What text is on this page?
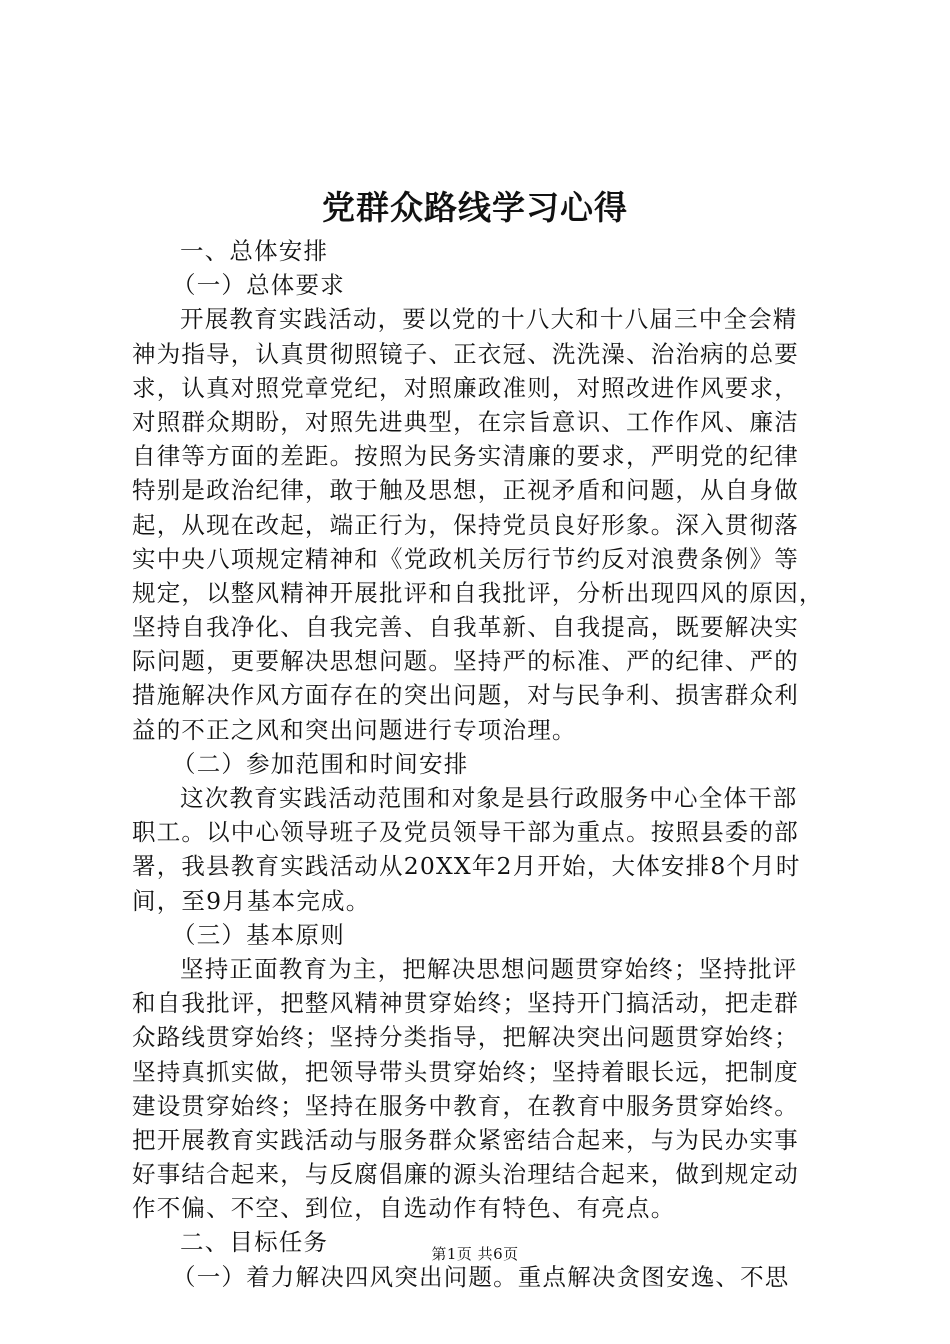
党群众路线学习心得
一、总体安排
（一）总体要求
开展教育实践活动，要以党的十八大和十八届三中全会精
神为指导，认真贯彻照镜子、正衣冠、洗洗澡、治治病的总要
求，认真对照党章党纪，对照廉政准则，对照改进作风要求，
对照群众期盼，对照先进典型，在宗旨意识、工作作风、廉洁
自律等方面的差距。按照为民务实清廉的要求，严明党的纪律
特别是政治纪律，敢于触及思想，正视矛盾和问题，从自身做
起，从现在改起，端正行为，保持党员良好形象。深入贯彻落
实中央八项规定精神和《党政机关厉行节约反对浪费条例》等
规定，以整风精神开展批评和自我批评，分析出现四风的原因，
坚持自我净化、自我完善、自我革新、自我提高，既要解决实
际问题，更要解决思想问题。坚持严的标准、严的纪律、严的
措施解决作风方面存在的突出问题，对与民争利、损害群众利
益的不正之风和突出问题进行专项治理。
（二）参加范围和时间安排
这次教育实践活动范围和对象是县行政服务中心全体干部
职工。以中心领导班子及党员领导干部为重点。按照县委的部
署，我县教育实践活动从20XX年2月开始，大体安排8个月时
间，至9月基本完成。
（三）基本原则
坚持正面教育为主，把解决思想问题贯穿始终；坚持批评
和自我批评，把整风精神贯穿始终；坚持开门搞活动，把走群
众路线贯穿始终；坚持分类指导，把解决突出问题贯穿始终；
坚持真抓实做，把领导带头贯穿始终；坚持着眼长远，把制度
建设贯穿始终；坚持在服务中教育，在教育中服务贯穿始终。
把开展教育实践活动与服务群众紧密结合起来，与为民办实事
好事结合起来，与反腐倡廉的源头治理结合起来，做到规定动
作不偏、不空、到位，自选动作有特色、有亮点。
二、目标任务
（一）着力解决四风突出问题。重点解决贪图安逸、不思
第1页 共6页
